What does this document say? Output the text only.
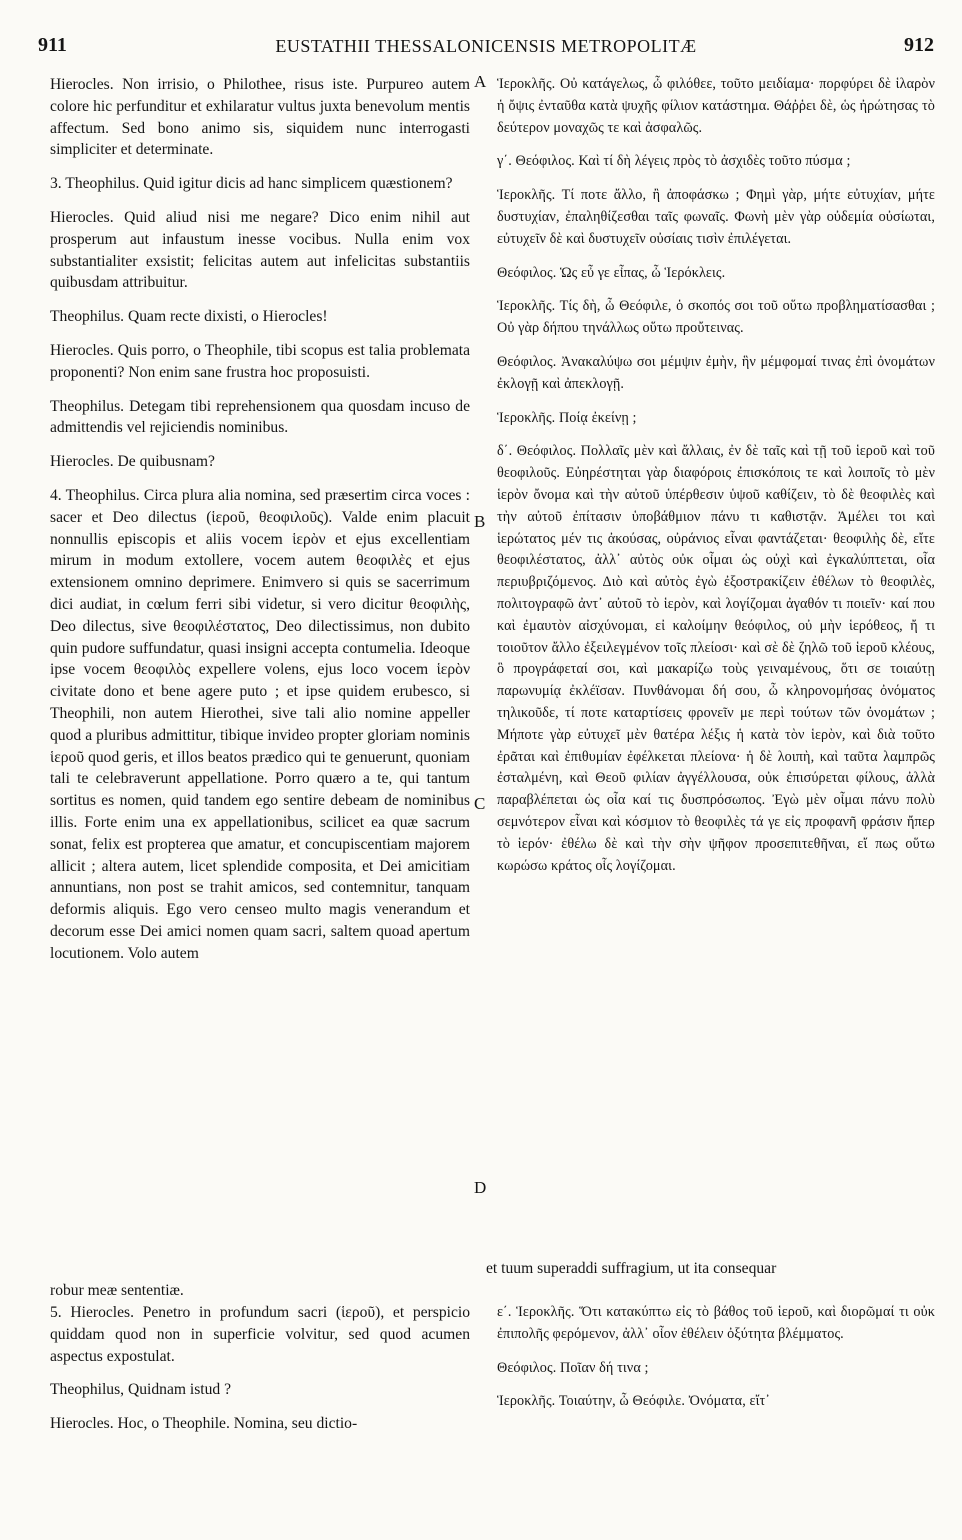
911	EUSTATHII THESSALONICENSIS METROPOLITÆ	912
A
B
C
D

Hierocles. Non irrisio, o Philothee, risus iste. Purpureo autem colore hic perfunditur et exhilaratur vultus juxta benevolum mentis affectum. Sed bono animo sis, siquidem nunc interrogasti simpliciter et determinate.

3. Theophilus. Quid igitur dicis ad hanc simplicem quæstionem?

Hierocles. Quid aliud nisi me negare? Dico enim nihil aut prosperum aut infaustum inesse vocibus. Nulla enim vox substantialiter exsistit; felicitas autem aut infelicitas substantiis quibusdam attribuitur.

Theophilus. Quam recte dixisti, o Hierocles!

Hierocles. Quis porro, o Theophile, tibi scopus est talia problemata proponenti? Non enim sane frustra hoc proposuisti.

Theophilus. Detegam tibi reprehensionem qua quosdam incuso de admittendis vel rejiciendis nominibus.

Hierocles. De quibusnam?

4. Theophilus. Circa plura alia nomina, sed præsertim circa voces : sacer et Deo dilectus (ἱεροῦ, θεοφιλοῦς). Valde enim placuit nonnullis episcopis et aliis vocem ἱερὸν et ejus excellentiam mirum in modum extollere, vocem autem θεοφιλὲς et ejus extensionem omnino deprimere. Enimvero si quis se sacerrimum dici audiat, in cœlum ferri sibi videtur, si vero dicitur θεοφιλὴς, Deo dilectus, sive θεοφιλέστατος, Deo dilectissimus, non dubito quin pudore suffundatur, quasi insigni accepta contumelia. Ideoque ipse vocem θεοφιλὸς expellere volens, ejus loco vocem ἱερὸν civitate dono et bene agere puto ; et ipse quidem erubesco, si Theophili, non autem Hierothei, sive tali alio nomine appeller quod a pluribus admittitur, tibique invideo propter gloriam nominis ἱεροῦ quod geris, et illos beatos prædico qui te genuerunt, quoniam tali te celebraverunt appellatione. Porro quæro a te, qui tantum sortitus es nomen, quid tandem ego sentire debeam de nominibus illis. Forte enim una ex appellationibus, scilicet ea quæ sacrum sonat, felix est propterea que amatur, et concupiscentiam majorem allicit ; altera autem, licet splendide composita, et Dei amicitiam annuntians, non post se trahit amicos, sed contemnitur, tanquam deformis aliquis. Ego vero censeo multo magis venerandum et decorum esse Dei amici nomen quam sacri, saltem quoad apertum locutionem. Volo autem

Ἱεροκλῆς. Οὐ κατάγελως, ὦ φιλόθεε, τοῦτο μειδίαμα· πορφύρει δὲ ἱλαρὸν ἡ ὄψις ἐνταῦθα κατὰ ψυχῆς φίλιον κατάστημα. Θάῤῥει δὲ, ὡς ἠρώτησας τὸ δεύτερον μοναχῶς τε καὶ ἀσφαλῶς.

γ΄. Θεόφιλος. Καὶ τί δὴ λέγεις πρὸς τὸ ἀσχιδὲς τοῦτο πύσμα ;

Ἱεροκλῆς. Τί ποτε ἄλλο, ἢ ἀποφάσκω ; Φημὶ γὰρ, μήτε εὐτυχίαν, μήτε δυστυχίαν, ἐπαληθίζεσθαι ταῖς φωναῖς. Φωνὴ μὲν γὰρ οὐδεμία οὐσίωται, εὐτυχεῖν δὲ καὶ δυστυχεῖν οὐσίαις τισὶν ἐπιλέγεται.

Θεόφιλος. Ὡς εὖ γε εἶπας, ὦ Ἱερόκλεις.

Ἱεροκλῆς. Τίς δὴ, ὦ Θεόφιλε, ὁ σκοπός σοι τοῦ οὕτω προβληματίσασθαι ; Οὐ γὰρ δήπου τηνάλλως οὕτω προὔτεινας.

Θεόφιλος. Ἀνακαλύψω σοι μέμψιν ἐμὴν, ἣν μέμφομαί τινας ἐπὶ ὀνομάτων ἐκλογῇ καὶ ἀπεκλογῇ.

Ἱεροκλῆς. Ποίᾳ ἐκείνῃ ;

δ΄. Θεόφιλος. Πολλαῖς μὲν καὶ ἄλλαις, ἐν δὲ ταῖς καὶ τῇ τοῦ ἱεροῦ καὶ τοῦ θεοφιλοῦς. Εὐηρέστηται γὰρ διαφόροις ἐπισκόποις τε καὶ λοιποῖς τὸ μὲν ἱερὸν ὄνομα καὶ τὴν αὐτοῦ ὑπέρθεσιν ὑψοῦ καθίζειν, τὸ δὲ θεοφιλὲς καὶ τὴν αὐτοῦ ἐπίτασιν ὑποβάθμιον πάνυ τι καθιστᾷν. Ἀμέλει τοι καὶ ἱερώτατος μέν τις ἀκούσας, οὐράνιος εἶναι φαντάζεται· θεοφιλὴς δὲ, εἴτε θεοφιλέστατος, ἀλλ᾽ αὐτὸς οὐκ οἶμαι ὡς οὐχὶ καὶ ἐγκαλύπτεται, οἷα περιυβριζόμενος. Διὸ καὶ αὐτὸς ἐγὼ ἐξοστρακίζειν ἐθέλων τὸ θεοφιλὲς, πολιτογραφῶ ἀντ᾽ αὐτοῦ τὸ ἱερὸν, καὶ λογίζομαι ἀγαθόν τι ποιεῖν· καί που καὶ ἐμαυτὸν αἰσχύνομαι, εἰ καλοίμην θεόφιλος, οὐ μὴν ἱερόθεος, ἤ τι τοιοῦτον ἄλλο ἐξειλεγμένον τοῖς πλείοσι· καὶ σὲ δὲ ζηλῶ τοῦ ἱεροῦ κλέους, ὃ προγράφεταί σοι, καὶ μακαρίζω τοὺς γειναμένους, ὅτι σε τοιαύτῃ παρωνυμίᾳ ἐκλέϊσαν. Πυνθάνομαι δή σου, ὦ κληρονομήσας ὀνόματος τηλικοῦδε, τί ποτε καταρτίσεις φρονεῖν με περὶ τούτων τῶν ὀνομάτων ; Μήποτε γὰρ εὐτυχεῖ μὲν θατέρα λέξις ἡ κατὰ τὸν ἱερὸν, καὶ διὰ τοῦτο ἐρᾶται καὶ ἐπιθυμίαν ἐφέλκεται πλείονα· ἡ δὲ λοιπὴ, καὶ ταῦτα λαμπρῶς ἐσταλμένη, καὶ Θεοῦ φιλίαν ἀγγέλλουσα, οὐκ ἐπισύρεται φίλους, ἀλλὰ παραβλέπεται ὡς οἷα καί τις δυσπρόσωπος. Ἐγὼ μὲν οἶμαι πάνυ πολὺ σεμνότερον εἶναι καὶ κόσμιον τὸ θεοφιλὲς τά γε εἰς προφανῆ φράσιν ἤπερ τὸ ἱερόν· ἐθέλω δὲ καὶ τὴν σὴν ψῆφον προσεπιτεθῆναι, εἴ πως οὕτω κωρώσω κράτος οἷς λογίζομαι.

et tuum superaddi suffragium, ut ita consequar
robur meæ sententiæ.

5. Hierocles. Penetro in profundum sacri (ἱεροῦ), et perspicio quiddam quod non in superficie volvitur, sed quod acumen aspectus expostulat.

Theophilus, Quidnam istud ?

Hierocles. Hoc, o Theophile. Nomina, seu dictio-

ε΄. Ἱεροκλῆς. Ὅτι κατακύπτω εἰς τὸ βάθος τοῦ ἱεροῦ, καὶ διορῶμαί τι οὐκ ἐπιπολῆς φερόμενον, ἀλλ᾽ οἷον ἐθέλειν ὀξύτητα βλέμματος.

Θεόφιλος. Ποῖαν δή τινα ;

Ἱεροκλῆς. Τοιαύτην, ὦ Θεόφιλε. Ὀνόματα, εἴτ᾽
